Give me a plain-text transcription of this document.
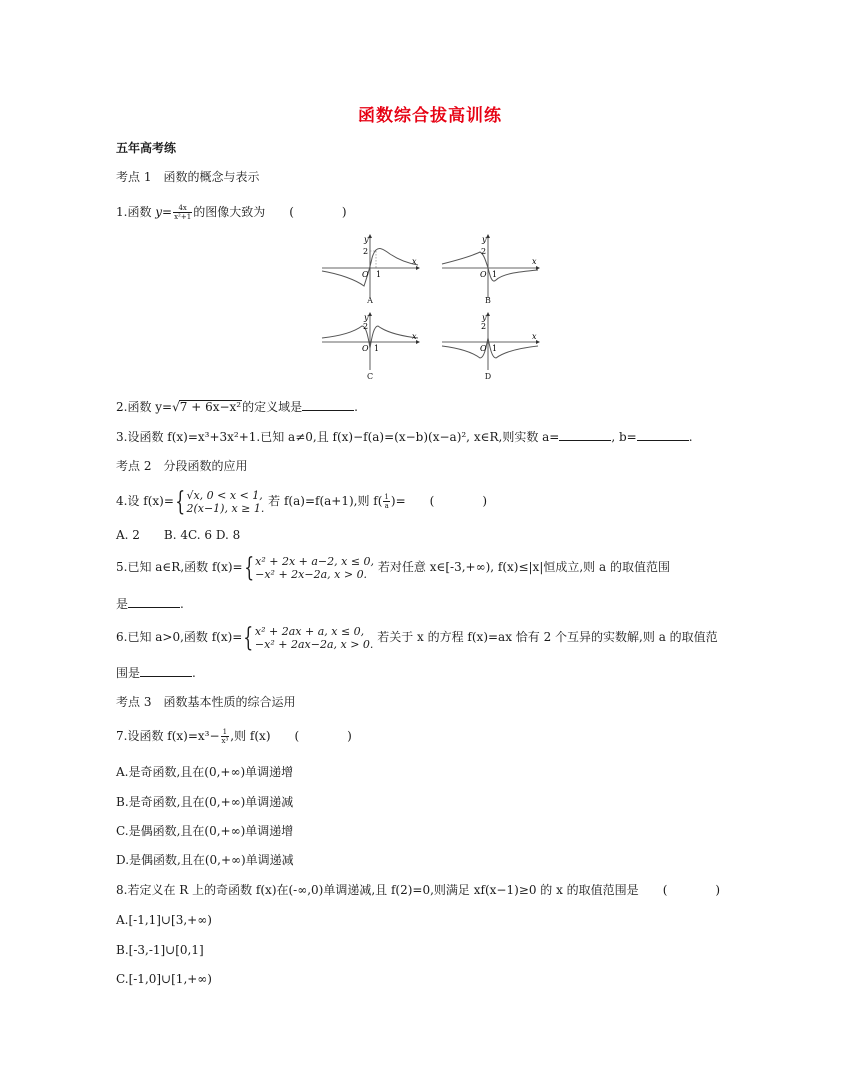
函数综合拔高训练
五年高考练
考点 1　函数的概念与表示
1.函数 $y= \frac{4x}{\text{x²+1}}$ 的图像大致为 (　)
2
O 1
x
y
A
2
O 1
x
y
B
2
O 1
x
y
C
2
O 1
x
y
D
2.函数 y=√7 + 6x−x²的定义域是	.
3.设函数 f(x)=x³+3x²+1.已知 a≠0,且 f(x)−f(a)=(x−b)(x−a)², x∈R,则实数 a=	, b=	.
考点 2　分段函数的应用
4.设 f(x)={ √x, 0 < x < 1,
2(x−1), x ≥ 1. 若 f(a)=f(a+1),则 $f( \frac{1}{a}$ )= (　)
A. 2　　B. 4C. 6 D. 8
5.已知 a∈R,函数 f(x)={ x² + 2x + a−2, x ≤ 0,
−x² + 2x−2a, x > 0. 若对任意 x∈[-3,+∞), f(x)≤|x|恒成立,则 a 的取值范围
是	.
6.已知 a>0,函数 f(x)={ x² + 2ax + a, x ≤ 0,
−x² + 2ax−2a, x > 0. 若关于 x 的方程 f(x)=ax 恰有 2 个互异的实数解,则 a 的取值范
围是	.
考点 3　函数基本性质的综合运用
7.设函数 $f(x)=x^3- \frac{1}{\text{x³}}$ ,则 f(x) (　)
A.是奇函数,且在(0,+∞)单调递增
B.是奇函数,且在(0,+∞)单调递减
C.是偶函数,且在(0,+∞)单调递增
D.是偶函数,且在(0,+∞)单调递减
8.若定义在 R 上的奇函数 f(x)在(-∞,0)单调递减,且 f(2)=0,则满足 xf(x−1)≥0 的 x 的取值范围是 (　)
A.[-1,1]∪[3,+∞)
B.[-3,-1]∪[0,1]
C.[-1,0]∪[1,+∞)
